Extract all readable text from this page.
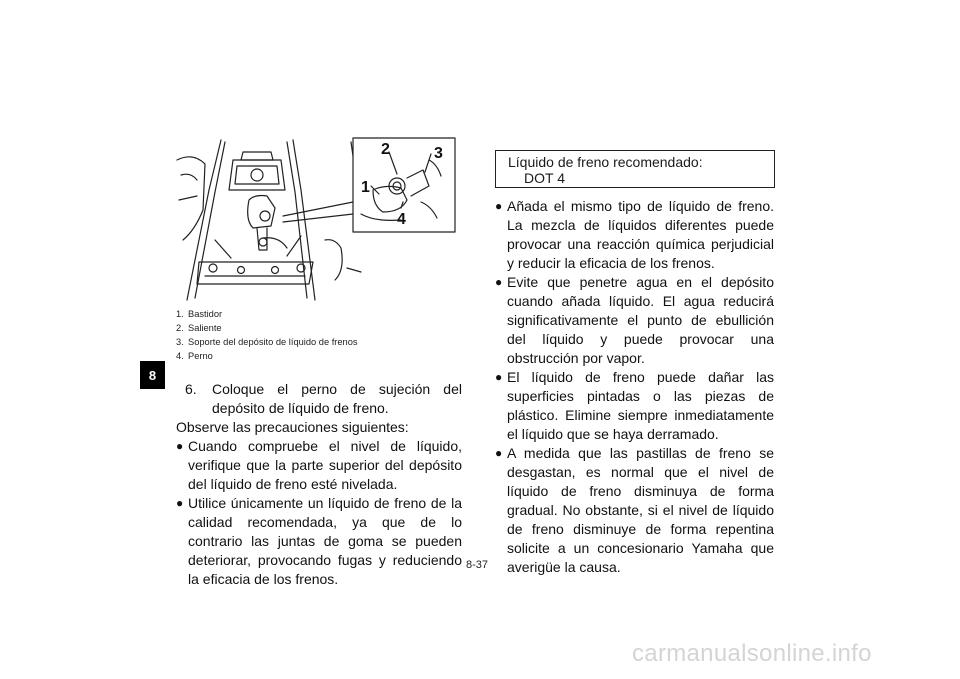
8
2	3
1
4
1. Bastidor
2. Saliente
3. Soporte del depósito de líquido de frenos
4. Perno
6.	Coloque el perno de sujeción del depósito de líquido de freno.

Observe las precauciones siguientes:

● Cuando compruebe el nivel de líquido, verifique que la parte superior del depósito del líquido de freno esté nivelada.
● Utilice únicamente un líquido de freno de la calidad recomendada, ya que de lo contrario las juntas de goma se pueden deteriorar, provocando fugas y reduciendo la eficacia de los frenos.
Líquido de freno recomendado:
DOT 4
● Añada el mismo tipo de líquido de freno. La mezcla de líquidos diferentes puede provocar una reacción química perjudicial y reducir la eficacia de los frenos.
● Evite que penetre agua en el depósito cuando añada líquido. El agua reducirá significativamente el punto de ebullición del líquido y puede provocar una obstrucción por vapor.
● El líquido de freno puede dañar las superficies pintadas o las piezas de plástico. Elimine siempre inmediatamente el líquido que se haya derramado.
● A medida que las pastillas de freno se desgastan, es normal que el nivel de líquido de freno disminuya de forma gradual. No obstante, si el nivel de líquido de freno disminuye de forma repentina solicite a un concesionario Yamaha que averigüe la causa.
8-37
carmanualsonline.info
